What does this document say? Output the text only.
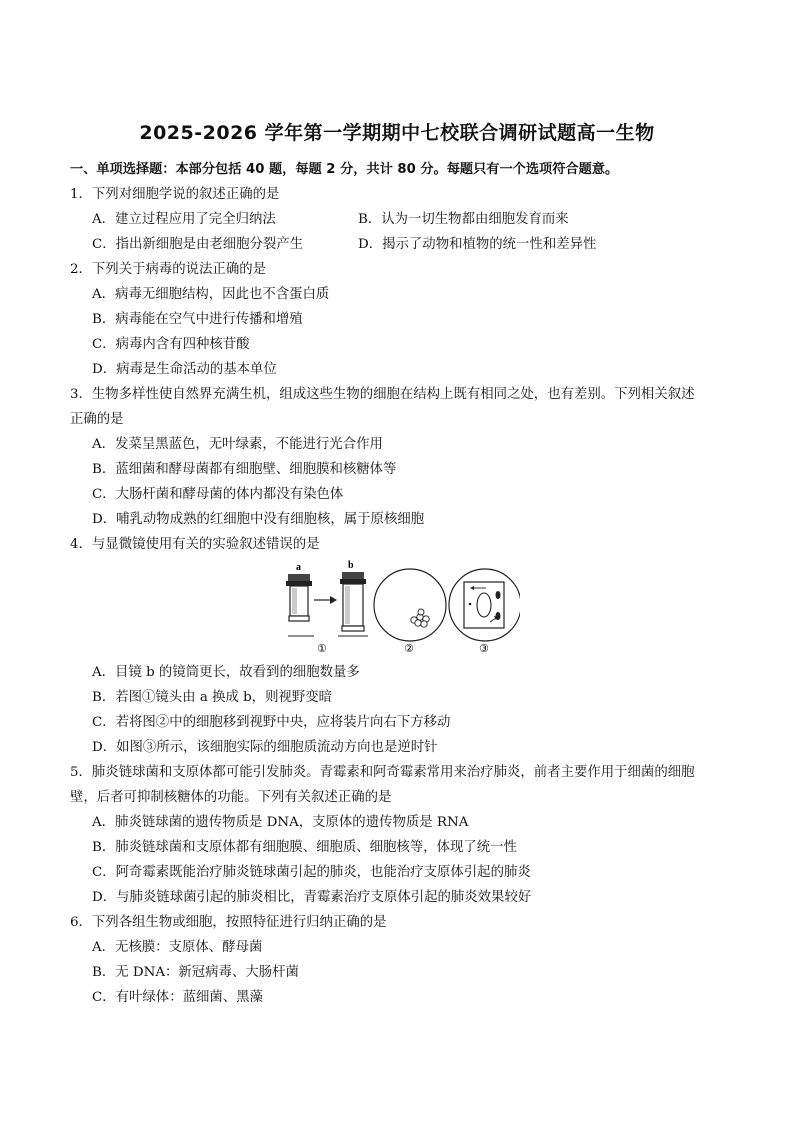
2025-2026 学年第一学期期中七校联合调研试题高一生物
一、单项选择题：本部分包括 40 题，每题 2 分，共计 80 分。每题只有一个选项符合题意。
1．下列对细胞学说的叙述正确的是
A．建立过程应用了完全归纳法	B．认为一切生物都由细胞发育而来
C．指出新细胞是由老细胞分裂产生	D．揭示了动物和植物的统一性和差异性
2．下列关于病毒的说法正确的是
A．病毒无细胞结构，因此也不含蛋白质
B．病毒能在空气中进行传播和增殖
C．病毒内含有四种核苷酸
D．病毒是生命活动的基本单位
3．生物多样性使自然界充满生机，组成这些生物的细胞在结构上既有相同之处，也有差别。下列相关叙述
正确的是
A．发菜呈黑蓝色，无叶绿素，不能进行光合作用
B．蓝细菌和酵母菌都有细胞壁、细胞膜和核糖体等
C．大肠杆菌和酵母菌的体内都没有染色体
D．哺乳动物成熟的红细胞中没有细胞核，属于原核细胞
4．与显微镜使用有关的实验叙述错误的是
a	b
①	②	③
A．目镜 b 的镜筒更长，故看到的细胞数量多
B．若图①镜头由 a 换成 b，则视野变暗
C．若将图②中的细胞移到视野中央，应将装片向右下方移动
D．如图③所示，该细胞实际的细胞质流动方向也是逆时针
5．肺炎链球菌和支原体都可能引发肺炎。青霉素和阿奇霉素常用来治疗肺炎，前者主要作用于细菌的细胞
壁，后者可抑制核糖体的功能。下列有关叙述正确的是
A．肺炎链球菌的遗传物质是 DNA，支原体的遗传物质是 RNA
B．肺炎链球菌和支原体都有细胞膜、细胞质、细胞核等，体现了统一性
C．阿奇霉素既能治疗肺炎链球菌引起的肺炎，也能治疗支原体引起的肺炎
D．与肺炎链球菌引起的肺炎相比，青霉素治疗支原体引起的肺炎效果较好
6．下列各组生物或细胞，按照特征进行归纳正确的是
A．无核膜：支原体、酵母菌
B．无 DNA：新冠病毒、大肠杆菌
C．有叶绿体：蓝细菌、黑藻
